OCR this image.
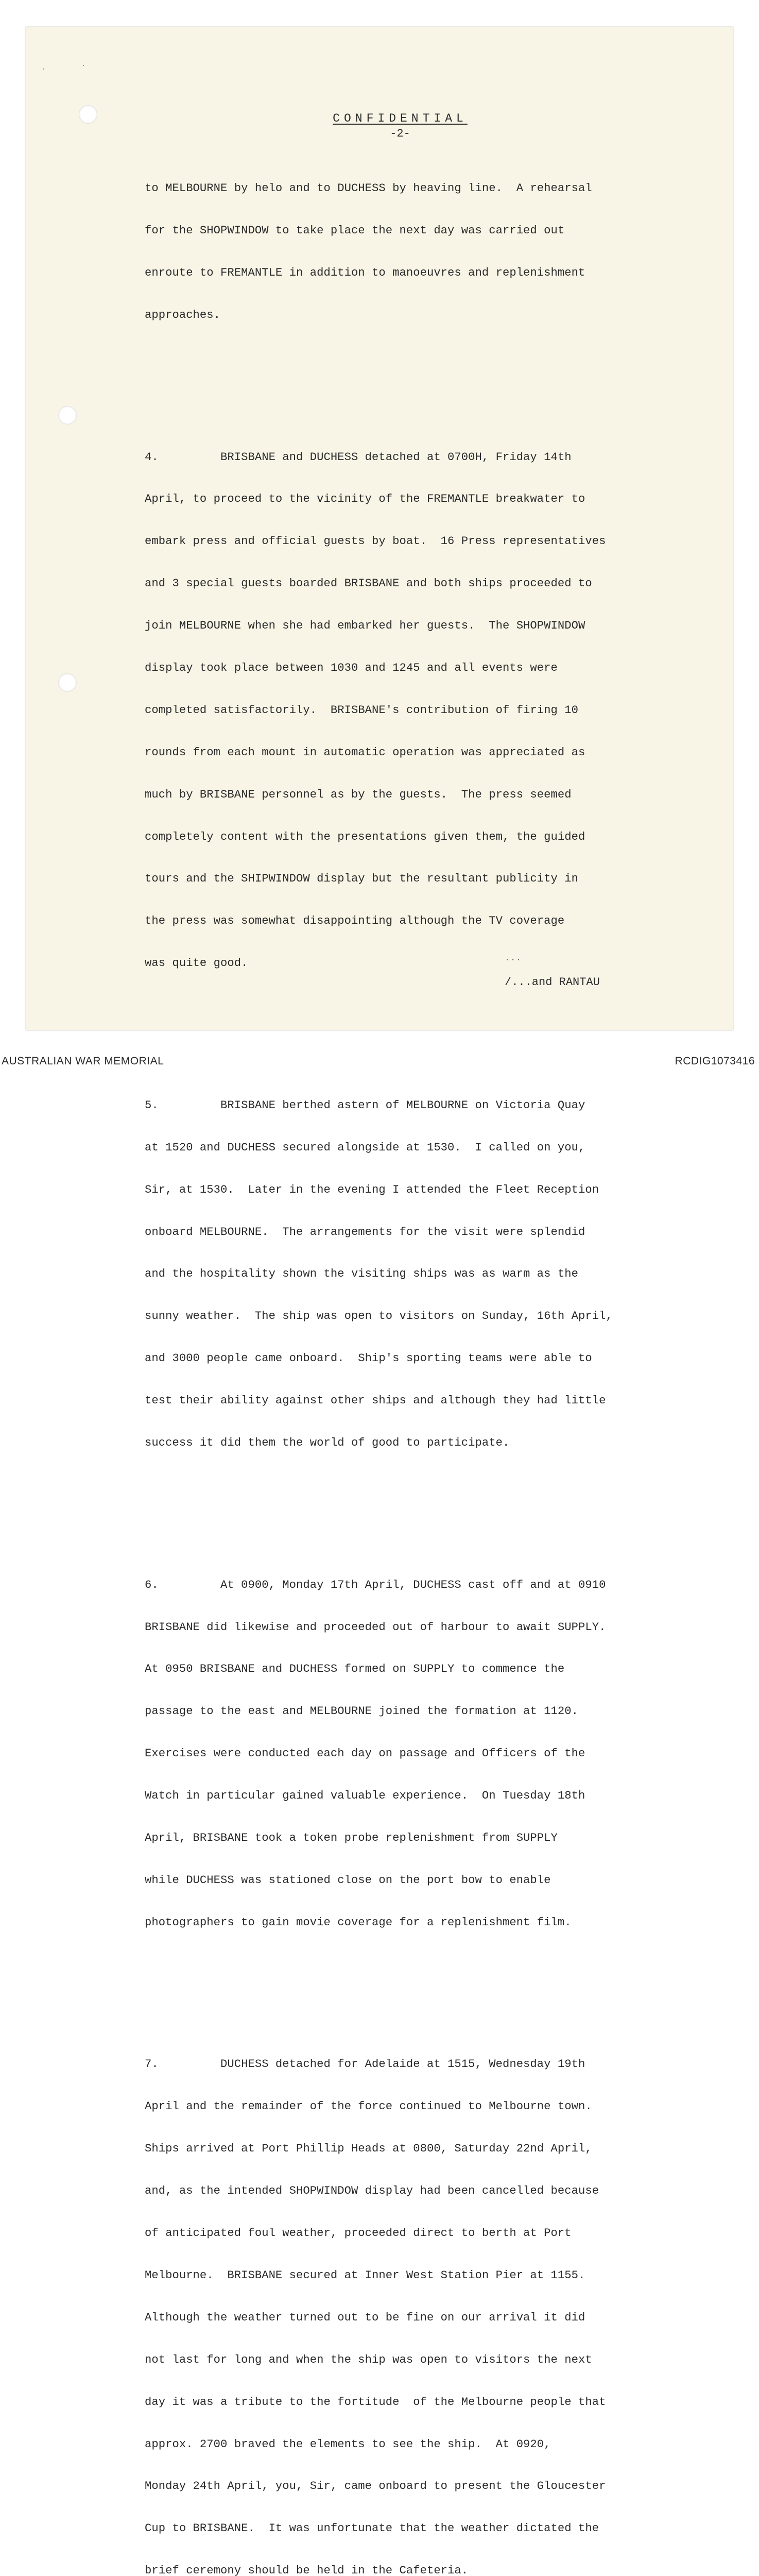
·
·
CONFIDENTIAL
-2-

to MELBOURNE by helo and to DUCHESS by heaving line.  A rehearsal

for the SHOPWINDOW to take place the next day was carried out

enroute to FREMANTLE in addition to manoeuvres and replenishment

approaches.

4.         BRISBANE and DUCHESS detached at 0700H, Friday 14th

April, to proceed to the vicinity of the FREMANTLE breakwater to

embark press and official guests by boat.  16 Press representatives

and 3 special guests boarded BRISBANE and both ships proceeded to

join MELBOURNE when she had embarked her guests.  The SHOPWINDOW

display took place between 1030 and 1245 and all events were

completed satisfactorily.  BRISBANE's contribution of firing 10

rounds from each mount in automatic operation was appreciated as

much by BRISBANE personnel as by the guests.  The press seemed

completely content with the presentations given them, the guided

tours and the SHIPWINDOW display but the resultant publicity in

the press was somewhat disappointing although the TV coverage

was quite good.

5.         BRISBANE berthed astern of MELBOURNE on Victoria Quay

at 1520 and DUCHESS secured alongside at 1530.  I called on you,

Sir, at 1530.  Later in the evening I attended the Fleet Reception

onboard MELBOURNE.  The arrangements for the visit were splendid

and the hospitality shown the visiting ships was as warm as the

sunny weather.  The ship was open to visitors on Sunday, 16th April,

and 3000 people came onboard.  Ship's sporting teams were able to

test their ability against other ships and although they had little

success it did them the world of good to participate.

6.         At 0900, Monday 17th April, DUCHESS cast off and at 0910

BRISBANE did likewise and proceeded out of harbour to await SUPPLY.

At 0950 BRISBANE and DUCHESS formed on SUPPLY to commence the

passage to the east and MELBOURNE joined the formation at 1120.

Exercises were conducted each day on passage and Officers of the

Watch in particular gained valuable experience.  On Tuesday 18th

April, BRISBANE took a token probe replenishment from SUPPLY

while DUCHESS was stationed close on the port bow to enable

photographers to gain movie coverage for a replenishment film.

7.         DUCHESS detached for Adelaide at 1515, Wednesday 19th

April and the remainder of the force continued to Melbourne town.

Ships arrived at Port Phillip Heads at 0800, Saturday 22nd April,

and, as the intended SHOPWINDOW display had been cancelled because

of anticipated foul weather, proceeded direct to berth at Port

Melbourne.  BRISBANE secured at Inner West Station Pier at 1155.

Although the weather turned out to be fine on our arrival it did

not last for long and when the ship was open to visitors the next

day it was a tribute to the fortitude  of the Melbourne people that

approx. 2700 braved the elements to see the ship.  At 0920,

Monday 24th April, you, Sir, came onboard to present the Gloucester

Cup to BRISBANE.  It was unfortunate that the weather dictated the

brief ceremony should be held in the Cafeteria.

...
/...and RANTAU
AUSTRALIAN WAR MEMORIAL	RCDIG1073416
